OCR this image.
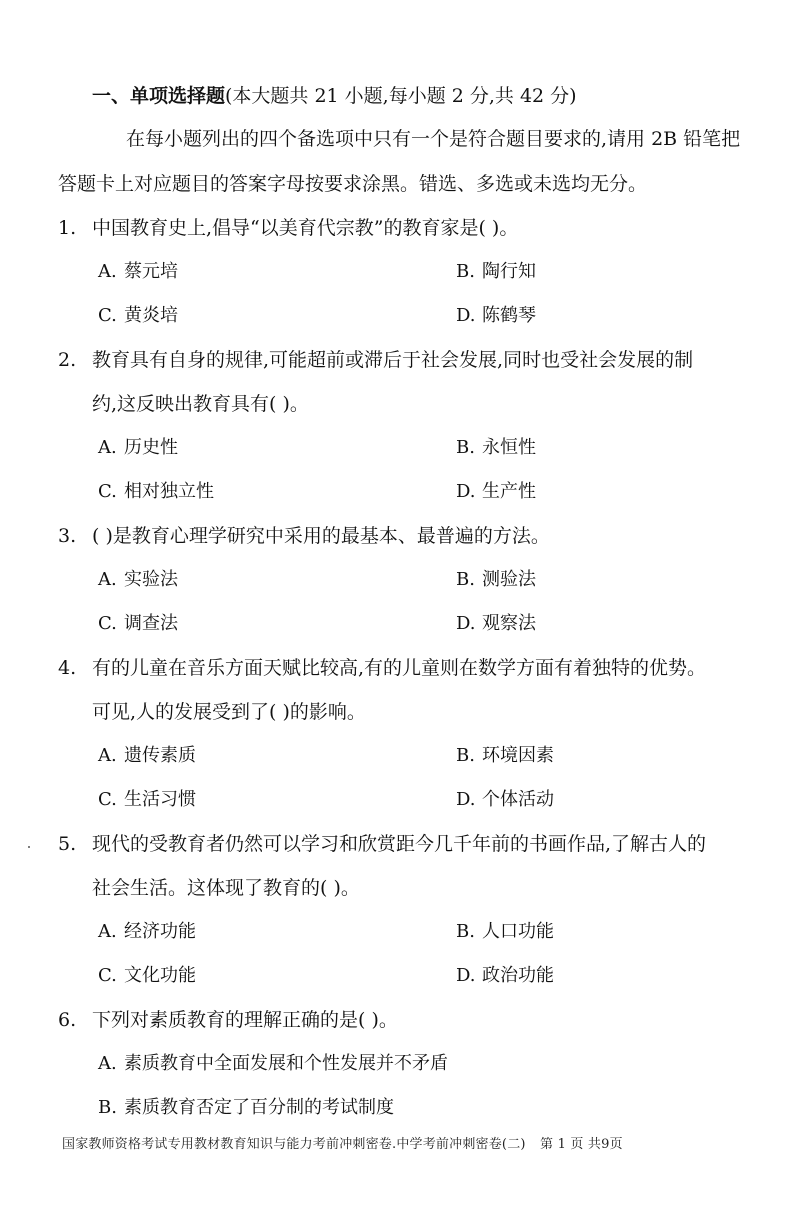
一、单项选择题(本大题共 21 小题,每小题 2 分,共 42 分)
在每小题列出的四个备选项中只有一个是符合题目要求的,请用 2B 铅笔把
答题卡上对应题目的答案字母按要求涂黑。错选、多选或未选均无分。
1. 中国教育史上,倡导“以美育代宗教”的教育家是( )。
A. 蔡元培	B. 陶行知
C. 黄炎培	D. 陈鹤琴
2. 教育具有自身的规律,可能超前或滞后于社会发展,同时也受社会发展的制
约,这反映出教育具有( )。
A. 历史性	B. 永恒性
C. 相对独立性	D. 生产性
3. ( )是教育心理学研究中采用的最基本、最普遍的方法。
A. 实验法	B. 测验法
C. 调查法	D. 观察法
4. 有的儿童在音乐方面天赋比较高,有的儿童则在数学方面有着独特的优势。
可见,人的发展受到了( )的影响。
A. 遗传素质	B. 环境因素
C. 生活习惯	D. 个体活动
5. 现代的受教育者仍然可以学习和欣赏距今几千年前的书画作品,了解古人的
社会生活。这体现了教育的( )。
A. 经济功能	B. 人口功能
C. 文化功能	D. 政治功能
6. 下列对素质教育的理解正确的是( )。
A. 素质教育中全面发展和个性发展并不矛盾
B. 素质教育否定了百分制的考试制度
国家教师资格考试专用教材教育知识与能力考前冲刺密卷.中学考前冲刺密卷(二) 第 1 页 共9页
